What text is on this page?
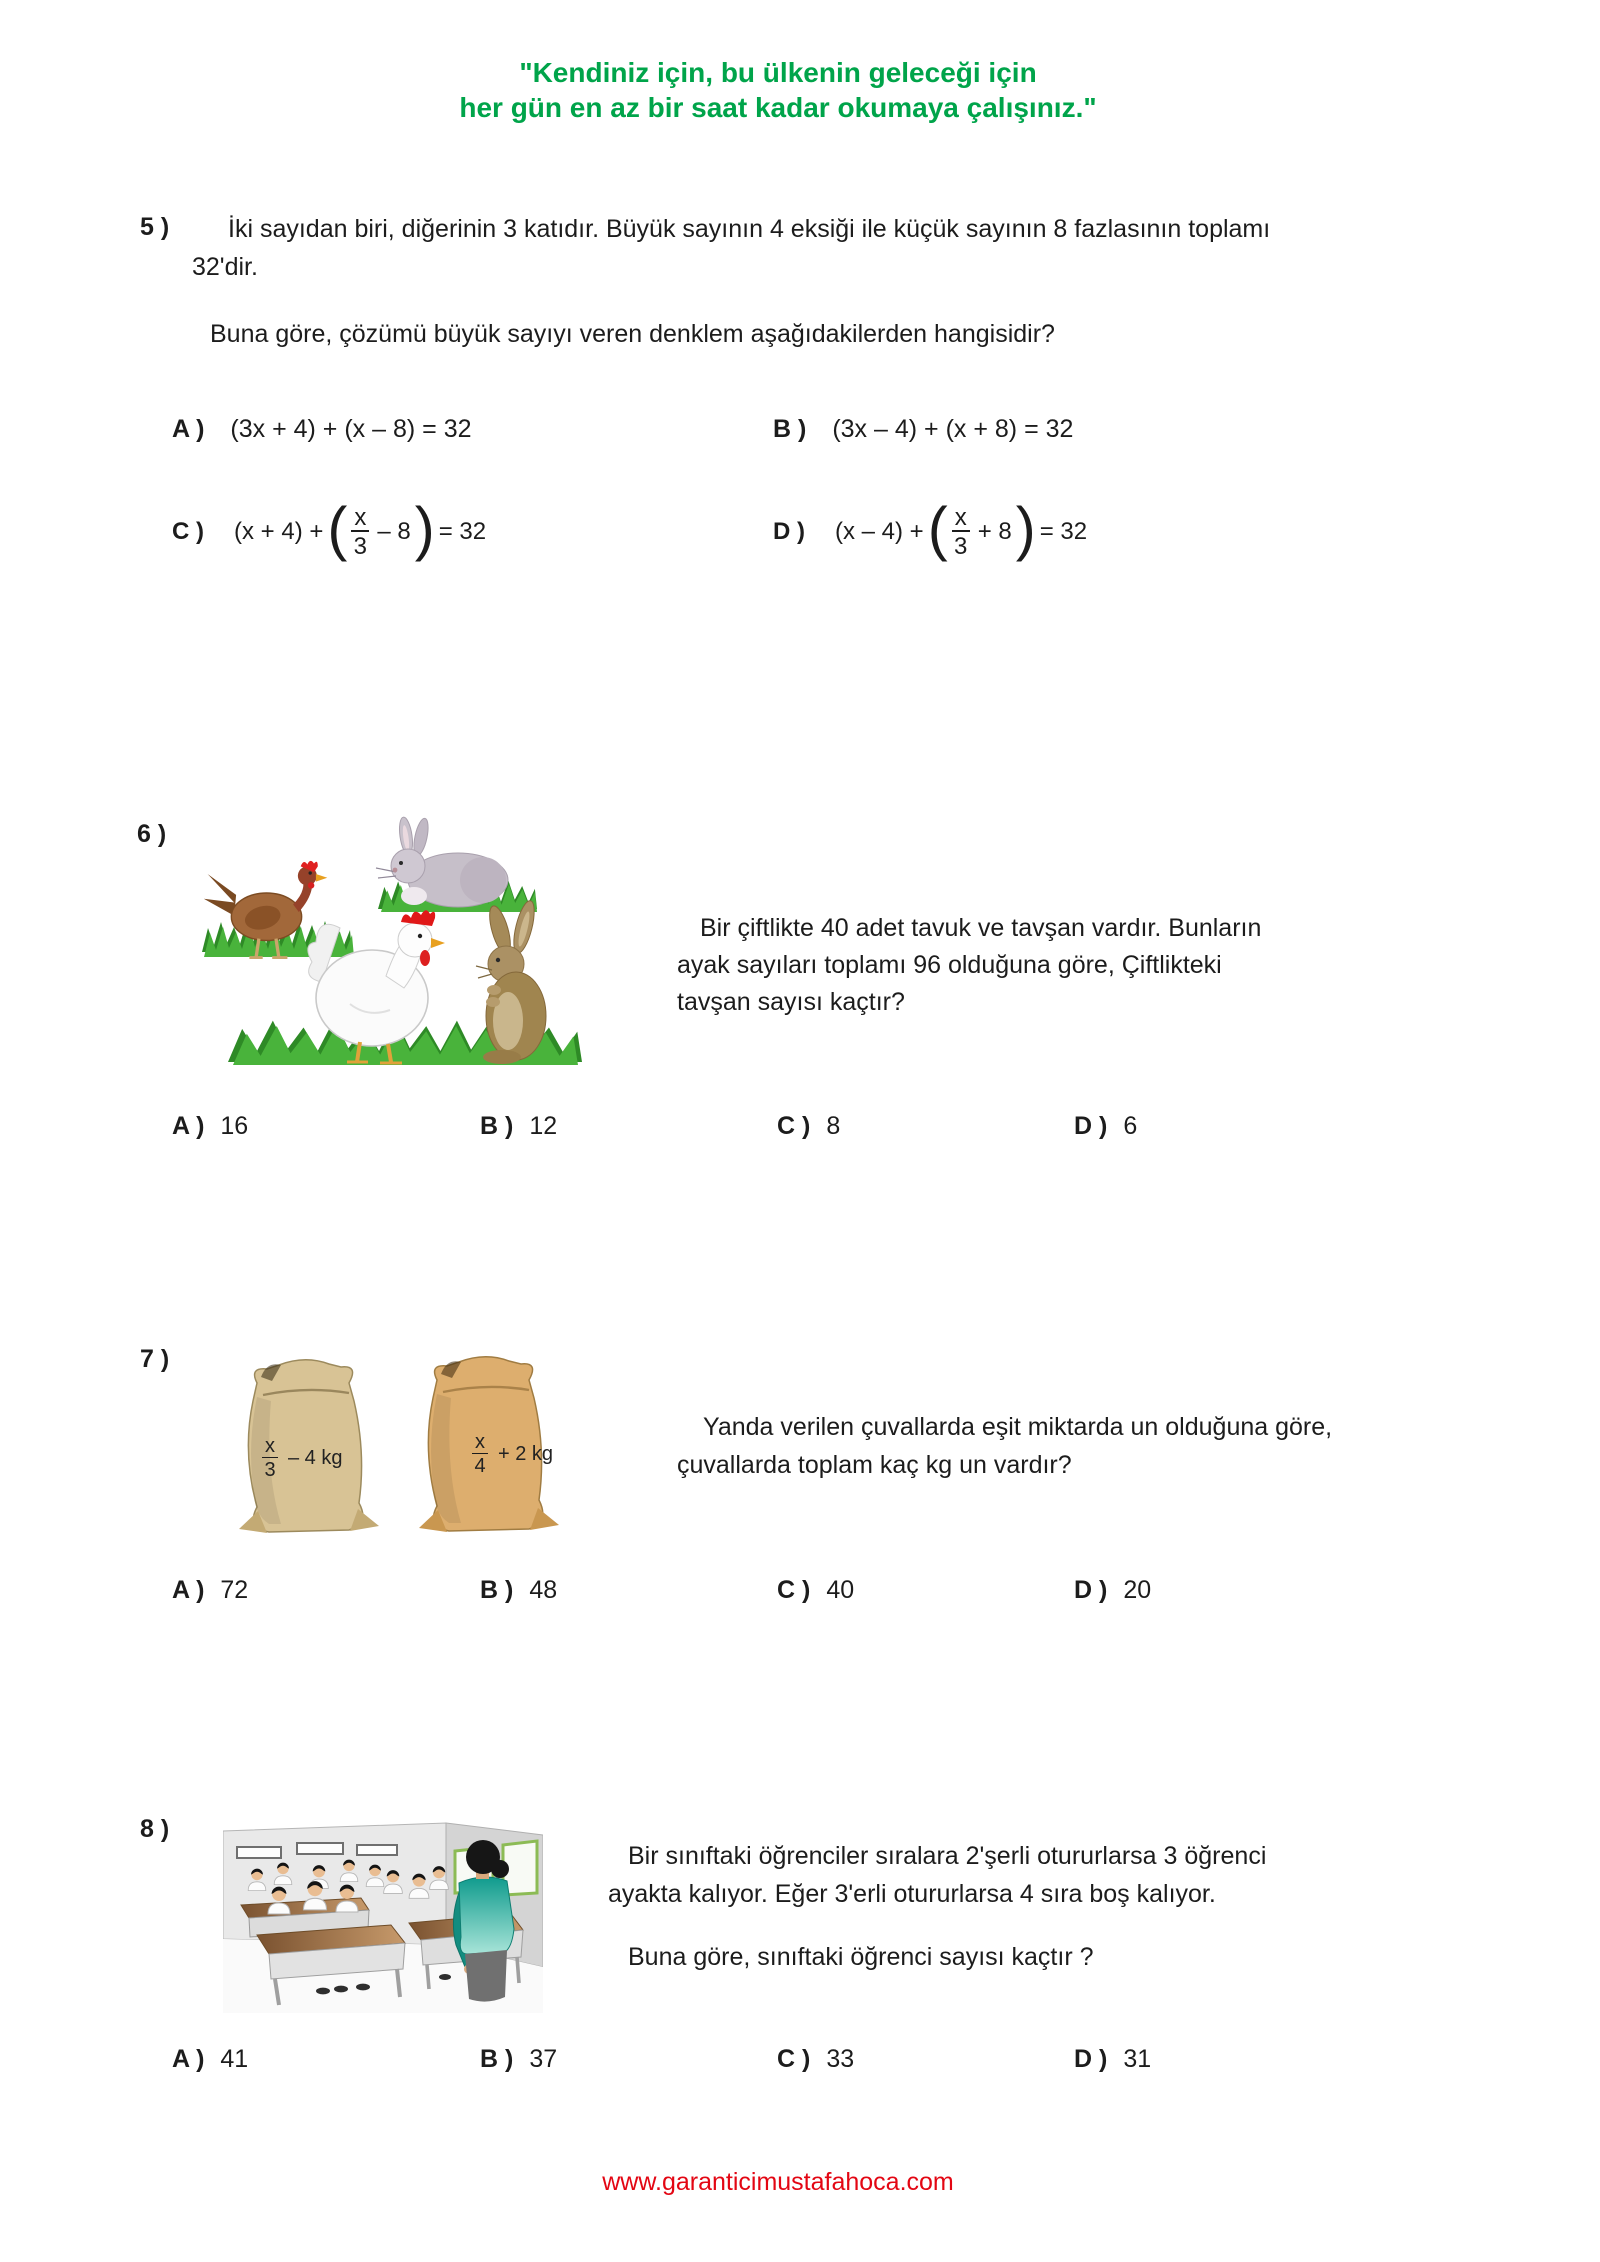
"Kendiniz için, bu ülkenin geleceği için
her gün en az bir saat kadar okumaya çalışınız."
5 ) İki sayıdan biri, diğerinin 3 katıdır. Büyük sayının 4 eksiği ile küçük sayının 8 fazlasının toplamı
32'dir.
Buna göre, çözümü büyük sayıyı veren denklem aşağıdakilerden hangisidir?
A ) (3x + 4) + (x – 8) = 32	B ) (3x – 4) + (x + 8) = 32
C ) (x + 4) + ( $\frac{x}{3} - 8$ ) = 32	D ) (x – 4) + ( $\frac{x}{3} + 8$ ) = 32
6 )
Bir çiftlikte 40 adet tavuk ve tavşan vardır. Bunların
ayak sayıları toplamı 96 olduğuna göre, Çiftlikteki
tavşan sayısı kaçtır?
A ) 16	B ) 12	C ) 8	D ) 6
7 )
$\frac{x}{3} - 4$ kg	$\frac{x}{4} + 2$ kg
Yanda verilen çuvallarda eşit miktarda un olduğuna göre,
çuvallarda toplam kaç kg un vardır?
A ) 72	B ) 48	C ) 40	D ) 20
8 )
Bir sınıftaki öğrenciler sıralara 2'şerli otururlarsa 3 öğrenci
ayakta kalıyor. Eğer 3'erli otururlarsa 4 sıra boş kalıyor.
Buna göre, sınıftaki öğrenci sayısı kaçtır ?
A ) 41	B ) 37	C ) 33	D ) 31
www.garanticimustafahoca.com
